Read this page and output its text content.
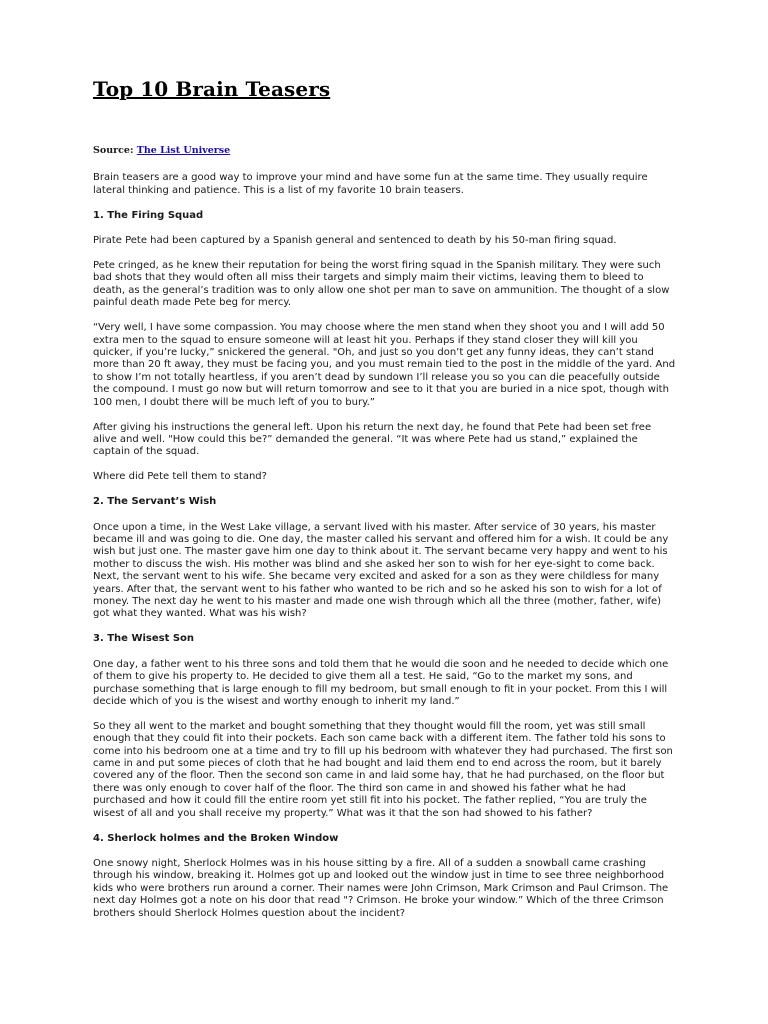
Top 10 Brain Teasers
Source: The List Universe

Brain teasers are a good way to improve your mind and have some fun at the same time. They usually require lateral thinking and patience. This is a list of my favorite 10 brain teasers.

1. The Firing Squad

Pirate Pete had been captured by a Spanish general and sentenced to death by his 50-man firing squad.

Pete cringed, as he knew their reputation for being the worst firing squad in the Spanish military. They were such bad shots that they would often all miss their targets and simply maim their victims, leaving them to bleed to death, as the general’s tradition was to only allow one shot per man to save on ammunition. The thought of a slow painful death made Pete beg for mercy.

“Very well, I have some compassion. You may choose where the men stand when they shoot you and I will add 50 extra men to the squad to ensure someone will at least hit you. Perhaps if they stand closer they will kill you quicker, if you’re lucky,” snickered the general. "Oh, and just so you don’t get any funny ideas, they can’t stand more than 20 ft away, they must be facing you, and you must remain tied to the post in the middle of the yard. And to show I’m not totally heartless, if you aren’t dead by sundown I’ll release you so you can die peacefully outside the compound. I must go now but will return tomorrow and see to it that you are buried in a nice spot, though with 100 men, I doubt there will be much left of you to bury.”

After giving his instructions the general left. Upon his return the next day, he found that Pete had been set free alive and well. "How could this be?” demanded the general. “It was where Pete had us stand,” explained the captain of the squad.

Where did Pete tell them to stand?

2. The Servant’s Wish

Once upon a time, in the West Lake village, a servant lived with his master. After service of 30 years, his master became ill and was going to die. One day, the master called his servant and offered him for a wish. It could be any wish but just one. The master gave him one day to think about it. The servant became very happy and went to his mother to discuss the wish. His mother was blind and she asked her son to wish for her eye-sight to come back. Next, the servant went to his wife. She became very excited and asked for a son as they were childless for many years. After that, the servant went to his father who wanted to be rich and so he asked his son to wish for a lot of money. The next day he went to his master and made one wish through which all the three (mother, father, wife) got what they wanted. What was his wish?

3. The Wisest Son

One day, a father went to his three sons and told them that he would die soon and he needed to decide which one of them to give his property to. He decided to give them all a test. He said, “Go to the market my sons, and purchase something that is large enough to fill my bedroom, but small enough to fit in your pocket. From this I will decide which of you is the wisest and worthy enough to inherit my land.”

So they all went to the market and bought something that they thought would fill the room, yet was still small enough that they could fit into their pockets. Each son came back with a different item. The father told his sons to come into his bedroom one at a time and try to fill up his bedroom with whatever they had purchased. The first son came in and put some pieces of cloth that he had bought and laid them end to end across the room, but it barely covered any of the floor. Then the second son came in and laid some hay, that he had purchased, on the floor but there was only enough to cover half of the floor. The third son came in and showed his father what he had purchased and how it could fill the entire room yet still fit into his pocket. The father replied, “You are truly the wisest of all and you shall receive my property.” What was it that the son had showed to his father?

4. Sherlock holmes and the Broken Window

One snowy night, Sherlock Holmes was in his house sitting by a fire. All of a sudden a snowball came crashing through his window, breaking it. Holmes got up and looked out the window just in time to see three neighborhood kids who were brothers run around a corner. Their names were John Crimson, Mark Crimson and Paul Crimson. The next day Holmes got a note on his door that read "? Crimson. He broke your window.” Which of the three Crimson brothers should Sherlock Holmes question about the incident?
